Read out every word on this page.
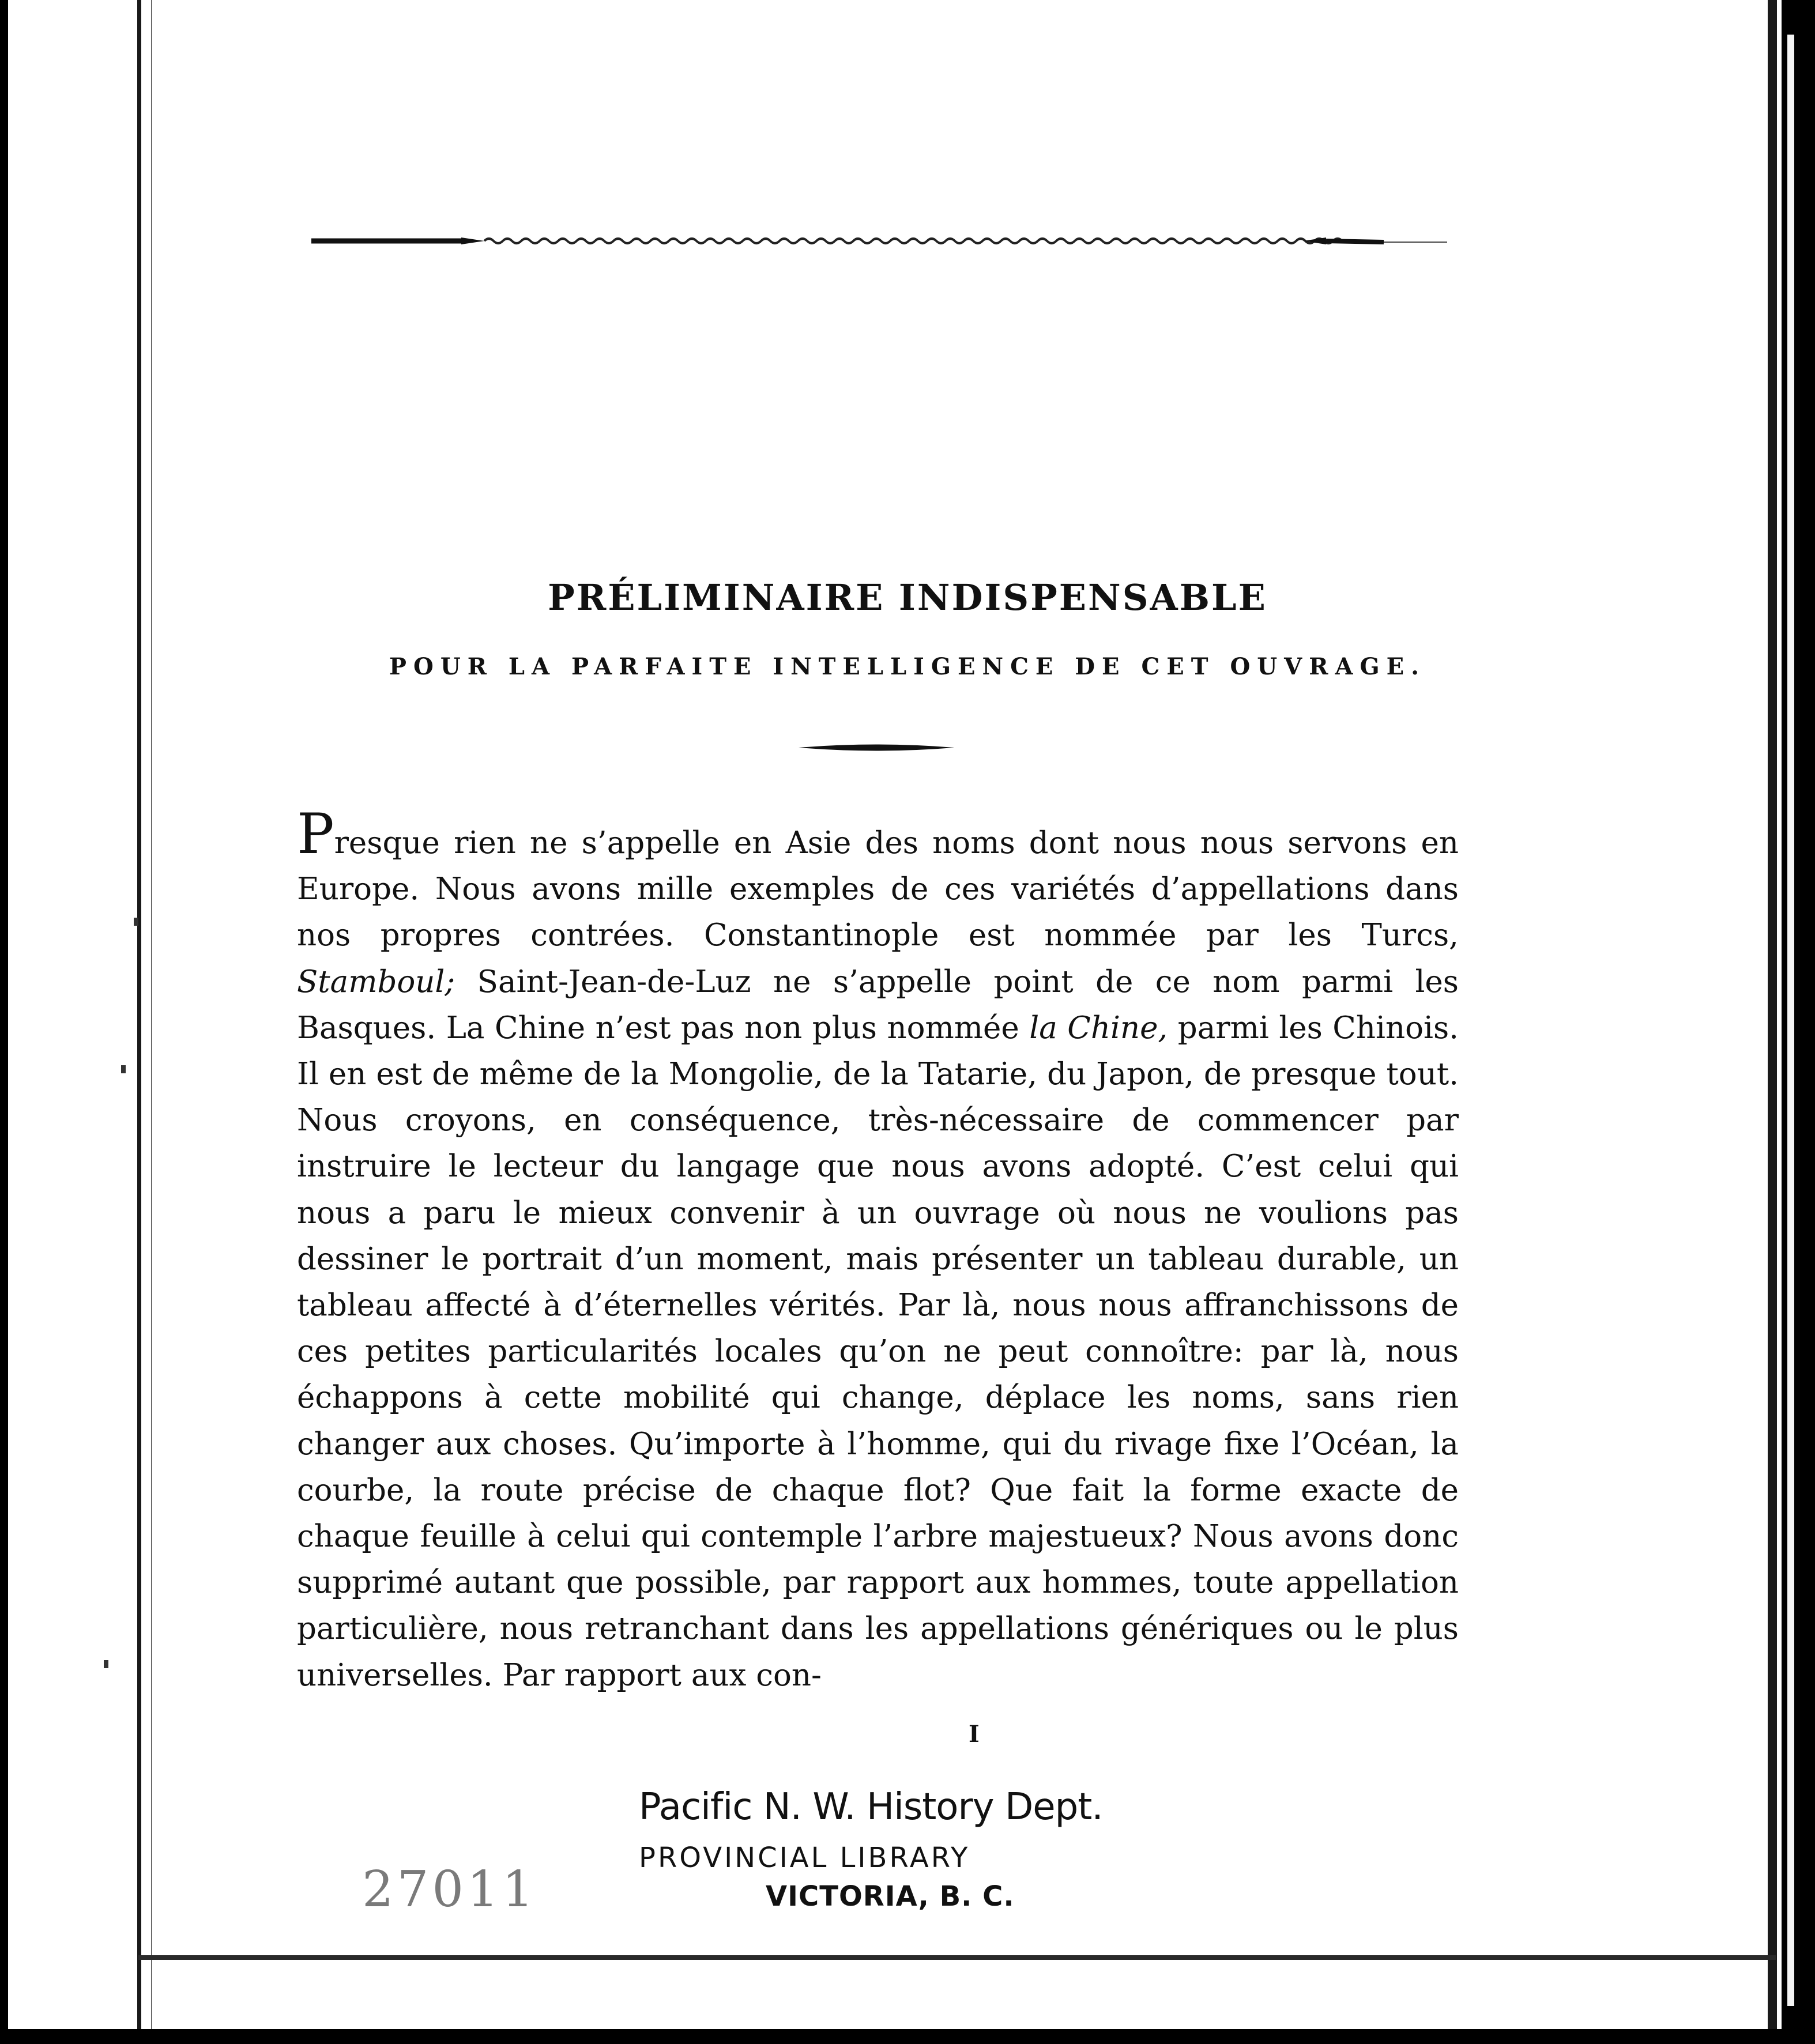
PRÉLIMINAIRE INDISPENSABLE
POUR LA PARFAITE INTELLIGENCE DE CET OUVRAGE.

Presque rien ne s’appelle en Asie des noms dont nous nous servons en Europe. Nous avons mille exemples de ces variétés d’appellations dans nos propres contrées. Constantinople est nommée par les Turcs, Stamboul; Saint-Jean-de-Luz ne s’appelle point de ce nom parmi les Basques. La Chine n’est pas non plus nommée la Chine, parmi les Chinois. Il en est de même de la Mongolie, de la Tatarie, du Japon, de presque tout. Nous croyons, en conséquence, très-nécessaire de commencer par instruire le lecteur du langage que nous avons adopté. C’est celui qui nous a paru le mieux convenir à un ouvrage où nous ne voulions pas dessiner le portrait d’un moment, mais présenter un tableau durable, un tableau affecté à d’éternelles vérités. Par là, nous nous affranchissons de ces petites particularités locales qu’on ne peut connoître: par là, nous échappons à cette mobilité qui change, déplace les noms, sans rien changer aux choses. Qu’importe à l’homme, qui du rivage fixe l’Océan, la courbe, la route précise de chaque flot? Que fait la forme exacte de chaque feuille à celui qui contemple l’arbre majestueux? Nous avons donc supprimé autant que possible, par rapport aux hommes, toute appellation particulière, nous retranchant dans les appellations génériques ou le plus universelles. Par rapport aux con-

I
Pacific N. W. History Dept.
PROVINCIAL LIBRARY
VICTORIA, B. C.
27011
